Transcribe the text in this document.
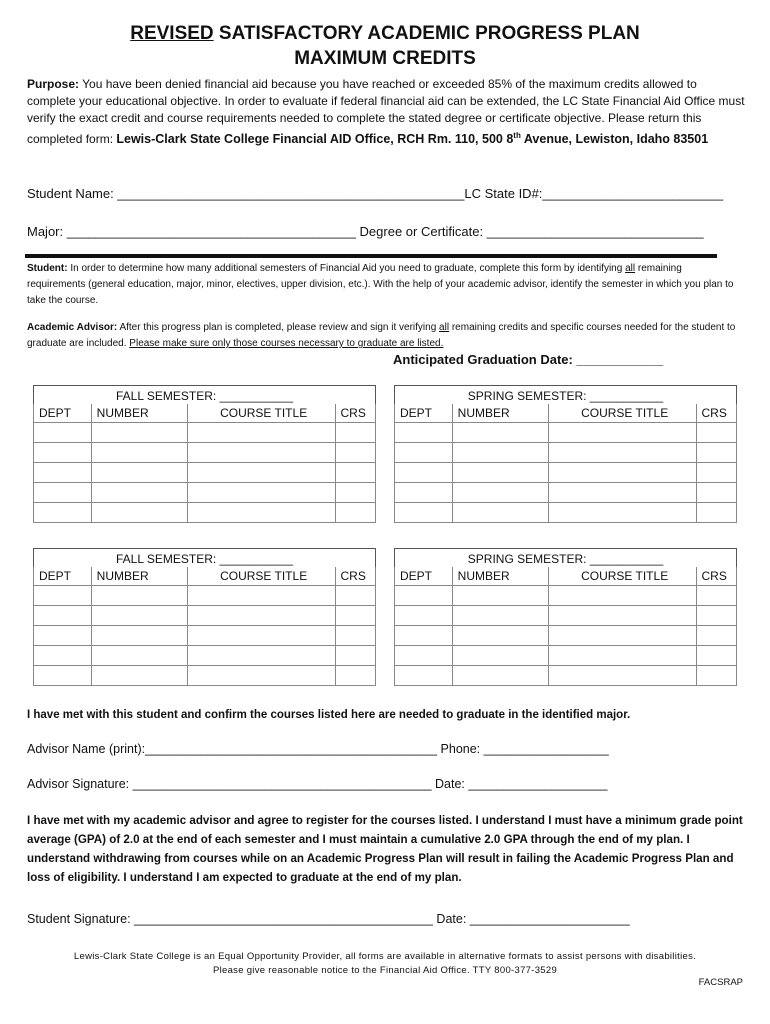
REVISED SATISFACTORY ACADEMIC PROGRESS PLAN
MAXIMUM CREDITS
Purpose: You have been denied financial aid because you have reached or exceeded 85% of the maximum credits allowed to complete your educational objective. In order to evaluate if federal financial aid can be extended, the LC State Financial Aid Office must verify the exact credit and course requirements needed to complete the stated degree or certificate objective. Please return this completed form: Lewis-Clark State College Financial AID Office, RCH Rm. 110, 500 8th Avenue, Lewiston, Idaho 83501
Student Name: ________________________________________________LC State ID#:_________________________
Major: ________________________________________ Degree or Certificate: ______________________________
Student: In order to determine how many additional semesters of Financial Aid you need to graduate, complete this form by identifying all remaining requirements (general education, major, minor, electives, upper division, etc.). With the help of your academic advisor, identify the semester in which you plan to take the course.
Academic Advisor: After this progress plan is completed, please review and sign it verifying all remaining credits and specific courses needed for the student to graduate are included. Please make sure only those courses necessary to graduate are listed.
Anticipated Graduation Date: ____________
FALL SEMESTER: ___________			
DEPT	NUMBER	COURSE TITLE	CRS

SPRING SEMESTER: ___________			
DEPT	NUMBER	COURSE TITLE	CRS

FALL SEMESTER: ___________			
DEPT	NUMBER	COURSE TITLE	CRS

SPRING SEMESTER: ___________			
DEPT	NUMBER	COURSE TITLE	CRS

I have met with this student and confirm the courses listed here are needed to graduate in the identified major.
Advisor Name (print):__________________________________________ Phone: __________________
Advisor Signature: ___________________________________________ Date: ____________________
I have met with my academic advisor and agree to register for the courses listed. I understand I must have a minimum grade point average (GPA) of 2.0 at the end of each semester and I must maintain a cumulative 2.0 GPA through the end of my plan. I understand withdrawing from courses while on an Academic Progress Plan will result in failing the Academic Progress Plan and loss of eligibility. I understand I am expected to graduate at the end of my plan.
Student Signature: ___________________________________________ Date: _______________________
Lewis-Clark State College is an Equal Opportunity Provider, all forms are available in alternative formats to assist persons with disabilities.
Please give reasonable notice to the Financial Aid Office. TTY 800-377-3529
FACSRAP
